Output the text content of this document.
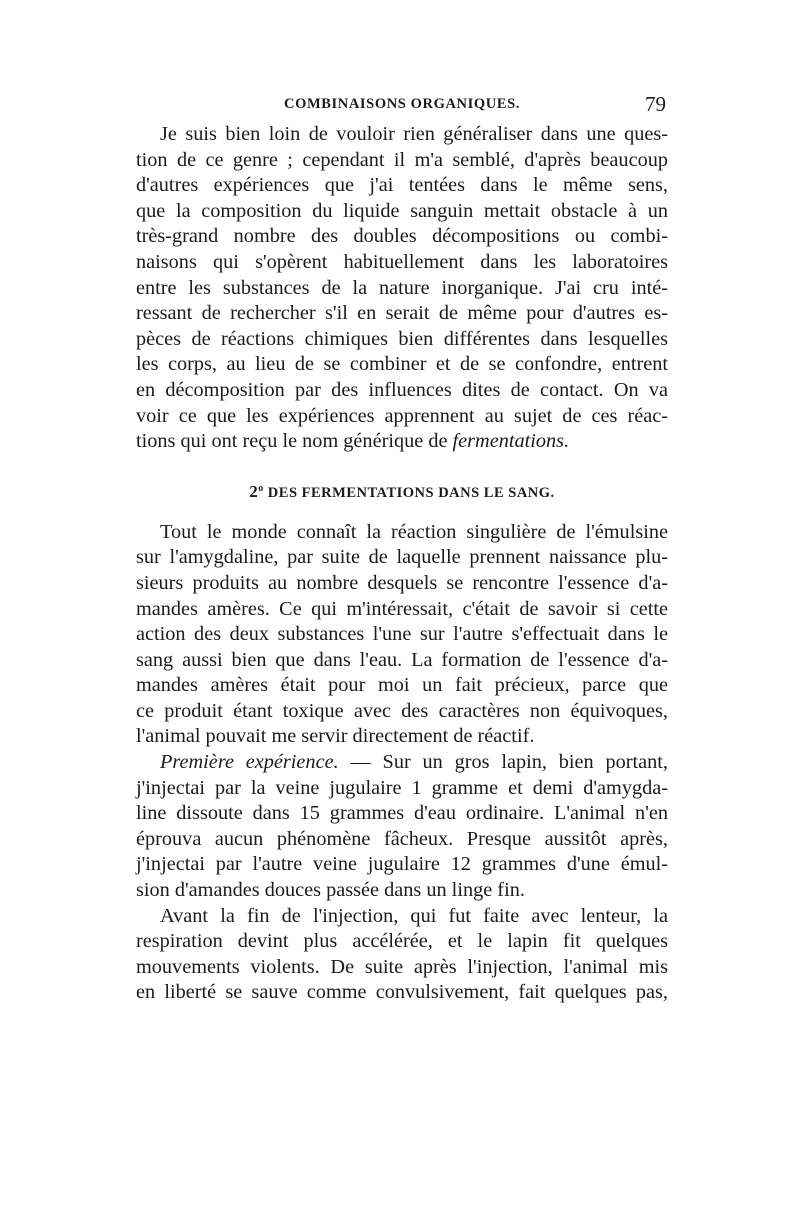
COMBINAISONS ORGANIQUES.	79
Je suis bien loin de vouloir rien généraliser dans une ques-
tion de ce genre ; cependant il m'a semblé, d'après beaucoup
d'autres expériences que j'ai tentées dans le même sens,
que la composition du liquide sanguin mettait obstacle à un
très-grand nombre des doubles décompositions ou combi-
naisons qui s'opèrent habituellement dans les laboratoires
entre les substances de la nature inorganique. J'ai cru inté-
ressant de rechercher s'il en serait de même pour d'autres es-
pèces de réactions chimiques bien différentes dans lesquelles
les corps, au lieu de se combiner et de se confondre, entrent
en décomposition par des influences dites de contact. On va
voir ce que les expériences apprennent au sujet de ces réac-
tions qui ont reçu le nom générique de fermentations.
2$^o$ DES FERMENTATIONS DANS LE SANG.
Tout le monde connaît la réaction singulière de l'émulsine
sur l'amygdaline, par suite de laquelle prennent naissance plu-
sieurs produits au nombre desquels se rencontre l'essence d'a-
mandes amères. Ce qui m'intéressait, c'était de savoir si cette
action des deux substances l'une sur l'autre s'effectuait dans le
sang aussi bien que dans l'eau. La formation de l'essence d'a-
mandes amères était pour moi un fait précieux, parce que
ce produit étant toxique avec des caractères non équivoques,
l'animal pouvait me servir directement de réactif.
Première expérience. — Sur un gros lapin, bien portant,
j'injectai par la veine jugulaire 1 gramme et demi d'amygda-
line dissoute dans 15 grammes d'eau ordinaire. L'animal n'en
éprouva aucun phénomène fâcheux. Presque aussitôt après,
j'injectai par l'autre veine jugulaire 12 grammes d'une émul-
sion d'amandes douces passée dans un linge fin.
Avant la fin de l'injection, qui fut faite avec lenteur, la
respiration devint plus accélérée, et le lapin fit quelques
mouvements violents. De suite après l'injection, l'animal mis
en liberté se sauve comme convulsivement, fait quelques pas,
